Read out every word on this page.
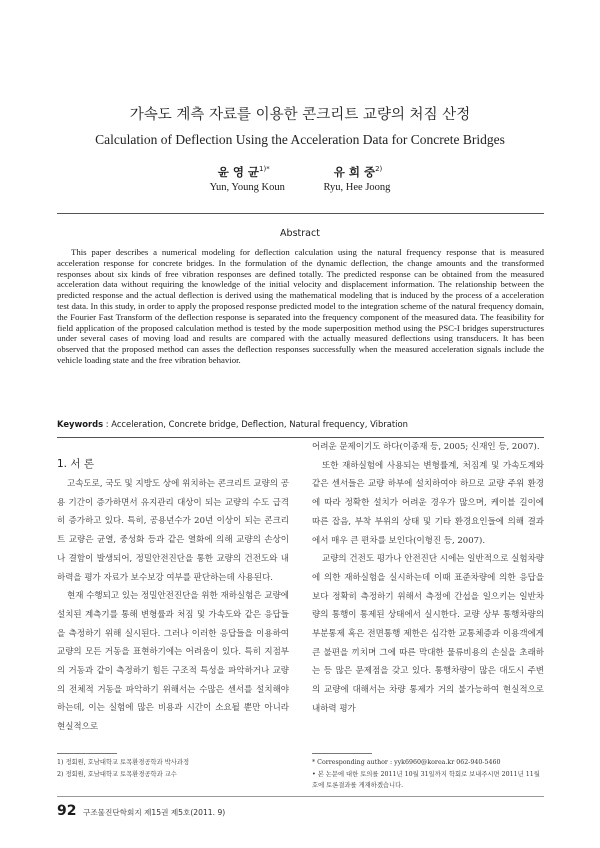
가속도 계측 자료를 이용한 콘크리트 교량의 처짐 산정
Calculation of Deflection Using the Acceleration Data for Concrete Bridges
윤 영 균$^{1)*}$	유 희 중$^{2)}$
Yun, Young Koun	Ryu, Hee Joong
Abstract
This paper describes a numerical modeling for deflection calculation using the natural frequency response that is measured acceleration response for concrete bridges. In the formulation of the dynamic deflection, the change amounts and the transformed responses about six kinds of free vibration responses are defined totally. The predicted response can be obtained from the measured acceleration data without requiring the knowledge of the initial velocity and displacement information. The relationship between the predicted response and the actual deflection is derived using the mathematical modeling that is induced by the process of a acceleration test data. In this study, in order to apply the proposed response predicted model to the integration scheme of the natural frequency domain, the Fourier Fast Transform of the deflection response is separated into the frequency component of the measured data. The feasibility for field application of the proposed calculation method is tested by the mode superposition method using the PSC-I bridges superstructures under several cases of moving load and results are compared with the actually measured deflections using transducers. It has been observed that the proposed method can asses the deflection responses successfully when the measured acceleration signals include the vehicle loading state and the free vibration behavior.
Keywords : Acceleration, Concrete bridge, Deflection, Natural frequency, Vibration
1. 서 론

고속도로, 국도 및 지방도 상에 위치하는 콘크리트 교량의 공용 기간이 증가하면서 유지관리 대상이 되는 교량의 수도 급격히 증가하고 있다. 특히, 공용년수가 20년 이상이 되는 콘크리트 교량은 균열, 중성화 등과 같은 열화에 의해 교량의 손상이나 결함이 발생되어, 정밀안전진단을 통한 교량의 건전도와 내하력을 평가 자료가 보수보강 여부를 판단하는데 사용된다.

현재 수행되고 있는 정밀안전진단을 위한 재하실험은 교량에 설치된 계측기를 통해 변형률과 처짐 및 가속도와 같은 응답들을 측정하기 위해 실시된다. 그러나 이러한 응답들을 이용하여 교량의 모든 거동을 표현하기에는 어려움이 있다. 특히 지점부의 거동과 같이 측정하기 힘든 구조적 특성을 파악하거나 교량의 전체적 거동을 파악하기 위해서는 수많은 센서를 설치해야 하는데, 이는 실험에 많은 비용과 시간이 소요될 뿐만 아니라 현실적으로

어려운 문제이기도 하다(이종재 등, 2005; 신재인 등, 2007).

또한 재하실험에 사용되는 변형률계, 처짐계 및 가속도계와 같은 센서들은 교량 하부에 설치하여야 하므로 교량 주위 환경에 따라 정확한 설치가 어려운 경우가 많으며, 케이블 길이에 따른 잡음, 부착 부위의 상태 및 기타 환경요인들에 의해 결과에서 매우 큰 편차를 보인다(이형진 등, 2007).

교량의 건전도 평가나 안전진단 시에는 일반적으로 실험차량에 의한 재하실험을 실시하는데 이때 표준차량에 의한 응답을 보다 정확히 측정하기 위해서 측정에 간섭을 일으키는 일반차량의 통행이 통제된 상태에서 실시한다. 교량 상부 통행차량의 부분통제 혹은 전면통행 제한은 심각한 교통체증과 이용객에게 큰 불편을 끼치며 그에 따른 막대한 물류비용의 손실을 초래하는 등 많은 문제점을 갖고 있다. 통행차량이 많은 대도시 주변의 교량에 대해서는 차량 통제가 거의 불가능하여 현실적으로 내하력 평가

1) 정회원, 호남대학교 토목환경공학과 박사과정
2) 정회원, 호남대학교 토목환경공학과 교수
* Corresponding author : yyk6960@korea.kr 062-940-5460
• 본 논문에 대한 토의를 2011년 10월 31일까지 학회로 보내주시면 2011년 11월호에 토론결과를 게재하겠습니다.
92 구조물진단학회지 제15권 제5호(2011. 9)
